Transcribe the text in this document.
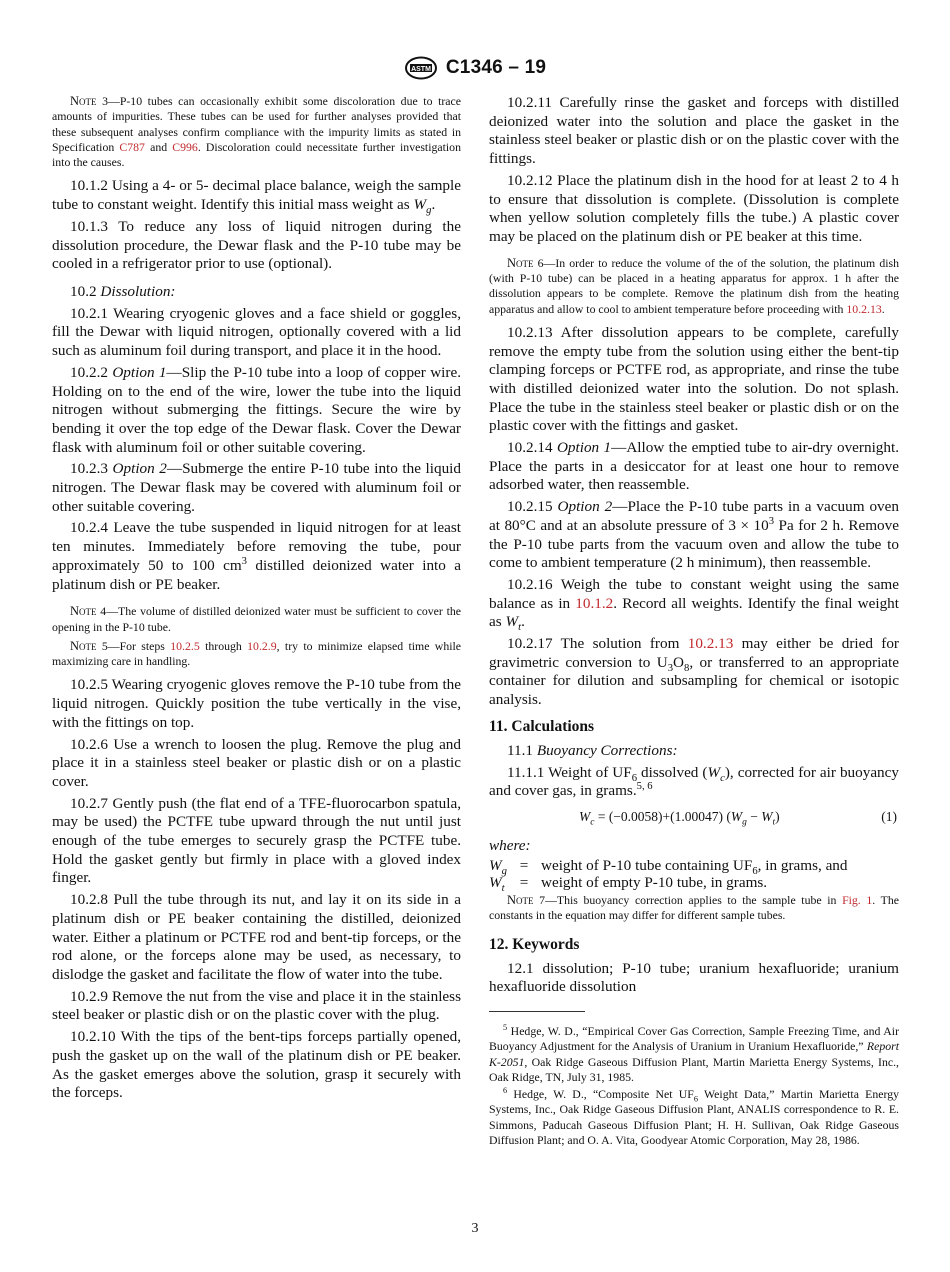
ASTM C1346 – 19

Note 3—P-10 tubes can occasionally exhibit some discoloration due to trace amounts of impurities. These tubes can be used for further analyses provided that these subsequent analyses confirm compliance with the impurity limits as stated in Specification C787 and C996. Discoloration could necessitate further investigation into the causes.

10.1.2 Using a 4- or 5- decimal place balance, weigh the sample tube to constant weight. Identify this initial mass weight as $W_g$.

10.1.3 To reduce any loss of liquid nitrogen during the dissolution procedure, the Dewar flask and the P-10 tube may be cooled in a refrigerator prior to use (optional).

10.2 Dissolution:

10.2.1 Wearing cryogenic gloves and a face shield or goggles, fill the Dewar with liquid nitrogen, optionally covered with a lid such as aluminum foil during transport, and place it in the hood.

10.2.2 Option 1—Slip the P-10 tube into a loop of copper wire. Holding on to the end of the wire, lower the tube into the liquid nitrogen without submerging the fittings. Secure the wire by bending it over the top edge of the Dewar flask. Cover the Dewar flask with aluminum foil or other suitable covering.

10.2.3 Option 2—Submerge the entire P-10 tube into the liquid nitrogen. The Dewar flask may be covered with aluminum foil or other suitable covering.

10.2.4 Leave the tube suspended in liquid nitrogen for at least ten minutes. Immediately before removing the tube, pour approximately 50 to 100 $cm^3$ distilled deionized water into a platinum dish or PE beaker.

Note 4—The volume of distilled deionized water must be sufficient to cover the opening in the P-10 tube.

Note 5—For steps 10.2.5 through 10.2.9, try to minimize elapsed time while maximizing care in handling.

10.2.5 Wearing cryogenic gloves remove the P-10 tube from the liquid nitrogen. Quickly position the tube vertically in the vise, with the fittings on top.

10.2.6 Use a wrench to loosen the plug. Remove the plug and place it in a stainless steel beaker or plastic dish or on a plastic cover.

10.2.7 Gently push (the flat end of a TFE-fluorocarbon spatula, may be used) the PCTFE tube upward through the nut until just enough of the tube emerges to securely grasp the PCTFE tube. Hold the gasket gently but firmly in place with a gloved index finger.

10.2.8 Pull the tube through its nut, and lay it on its side in a platinum dish or PE beaker containing the distilled, deionized water. Either a platinum or PCTFE rod and bent-tip forceps, or the rod alone, or the forceps alone may be used, as necessary, to dislodge the gasket and facilitate the flow of water into the tube.

10.2.9 Remove the nut from the vise and place it in the stainless steel beaker or plastic dish or on the plastic cover with the plug.

10.2.10 With the tips of the bent-tips forceps partially opened, push the gasket up on the wall of the platinum dish or PE beaker. As the gasket emerges above the solution, grasp it securely with the forceps.

10.2.11 Carefully rinse the gasket and forceps with distilled deionized water into the solution and place the gasket in the stainless steel beaker or plastic dish or on the plastic cover with the fittings.

10.2.12 Place the platinum dish in the hood for at least 2 to 4 h to ensure that dissolution is complete. (Dissolution is complete when yellow solution completely fills the tube.) A plastic cover may be placed on the platinum dish or PE beaker at this time.

Note 6—In order to reduce the volume of the of the solution, the platinum dish (with P-10 tube) can be placed in a heating apparatus for approx. 1 h after the dissolution appears to be complete. Remove the platinum dish from the heating apparatus and allow to cool to ambient temperature before proceeding with 10.2.13.

10.2.13 After dissolution appears to be complete, carefully remove the empty tube from the solution using either the bent-tip clamping forceps or PCTFE rod, as appropriate, and rinse the tube with distilled deionized water into the solution. Do not splash. Place the tube in the stainless steel beaker or plastic dish or on the plastic cover with the fittings and gasket.

10.2.14 Option 1—Allow the emptied tube to air-dry overnight. Place the parts in a desiccator for at least one hour to remove adsorbed water, then reassemble.

10.2.15 Option 2—Place the P-10 tube parts in a vacuum oven at 80°C and at an absolute pressure of $3 \times 10^3$ Pa for 2 h. Remove the P-10 tube parts from the vacuum oven and allow the tube to come to ambient temperature (2 h minimum), then reassemble.

10.2.16 Weigh the tube to constant weight using the same balance as in 10.1.2. Record all weights. Identify the final weight as $W_t$.

10.2.17 The solution from 10.2.13 may either be dried for gravimetric conversion to $U_3O_8$, or transferred to an appropriate container for dilution and subsampling for chemical or isotopic analysis.

11. Calculations

11.1 Buoyancy Corrections:

11.1.1 Weight of $UF_6$ dissolved $(W_c)$, corrected for air buoyancy and cover gas, in grams.$^{5, 6}$

$W_c = (-0.0058)+(1.00047) (W_g - W_t)$	(1)
where:
$W_g$ = weight of P-10 tube containing $UF_6$, in grams, and
$W_t$ = weight of empty P-10 tube, in grams.

Note 7—This buoyancy correction applies to the sample tube in Fig. 1. The constants in the equation may differ for different sample tubes.

12. Keywords

12.1 dissolution; P-10 tube; uranium hexafluoride; uranium hexafluoride dissolution

$^5$ Hedge, W. D., “Empirical Cover Gas Correction, Sample Freezing Time, and Air Buoyancy Adjustment for the Analysis of Uranium in Uranium Hexafluoride,” Report K-2051, Oak Ridge Gaseous Diffusion Plant, Martin Marietta Energy Systems, Inc., Oak Ridge, TN, July 31, 1985.

$^6$ Hedge, W. D., “Composite Net $UF_6$ Weight Data,” Martin Marietta Energy Systems, Inc., Oak Ridge Gaseous Diffusion Plant, ANALIS correspondence to R. E. Simmons, Paducah Gaseous Diffusion Plant; H. H. Sullivan, Oak Ridge Gaseous Diffusion Plant; and O. A. Vita, Goodyear Atomic Corporation, May 28, 1986.

3
